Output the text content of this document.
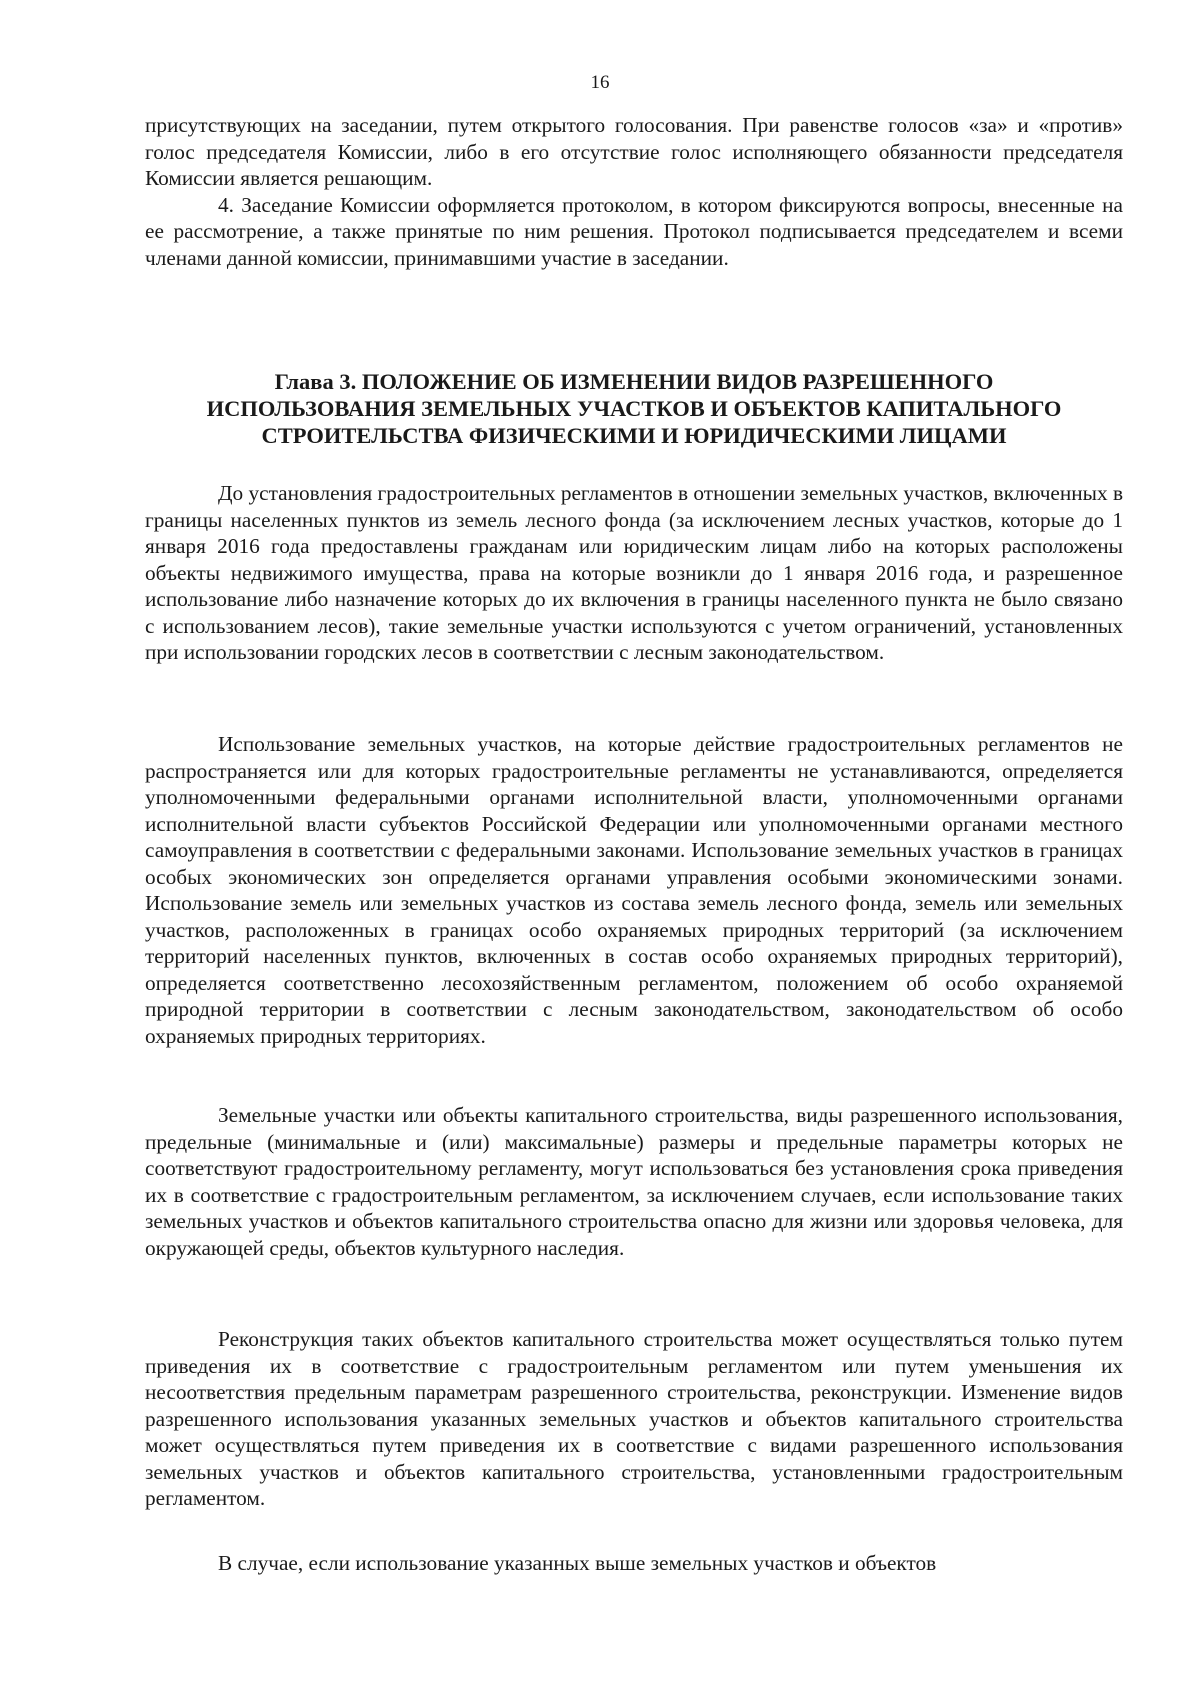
16

присутствующих на заседании, путем открытого голосования. При равенстве голосов «за» и «против» голос председателя Комиссии, либо в его отсутствие голос исполняющего обязанности председателя Комиссии является решающим.

4. Заседание Комиссии оформляется протоколом, в котором фиксируются вопросы, внесенные на ее рассмотрение, а также принятые по ним решения. Протокол подписывается председателем и всеми членами данной комиссии, принимавшими участие в заседании.

Глава 3. ПОЛОЖЕНИЕ ОБ ИЗМЕНЕНИИ ВИДОВ РАЗРЕШЕННОГО
ИСПОЛЬЗОВАНИЯ ЗЕМЕЛЬНЫХ УЧАСТКОВ И ОБЪЕКТОВ КАПИТАЛЬНОГО
СТРОИТЕЛЬСТВА ФИЗИЧЕСКИМИ И ЮРИДИЧЕСКИМИ ЛИЦАМИ

До установления градостроительных регламентов в отношении земельных участков, включенных в границы населенных пунктов из земель лесного фонда (за исключением лесных участков, которые до 1 января 2016 года предоставлены гражданам или юридическим лицам либо на которых расположены объекты недвижимого имущества, права на которые возникли до 1 января 2016 года, и разрешенное использование либо назначение которых до их включения в границы населенного пункта не было связано с использованием лесов), такие земельные участки используются с учетом ограничений, установленных при использовании городских лесов в соответствии с лесным законодательством.

Использование земельных участков, на которые действие градостроительных регламентов не распространяется или для которых градостроительные регламенты не устанавливаются, определяется уполномоченными федеральными органами исполнительной власти, уполномоченными органами исполнительной власти субъектов Российской Федерации или уполномоченными органами местного самоуправления в соответствии с федеральными законами. Использование земельных участков в границах особых экономических зон определяется органами управления особыми экономическими зонами. Использование земель или земельных участков из состава земель лесного фонда, земель или земельных участков, расположенных в границах особо охраняемых природных территорий (за исключением территорий населенных пунктов, включенных в состав особо охраняемых природных территорий), определяется соответственно лесохозяйственным регламентом, положением об особо охраняемой природной территории в соответствии с лесным законодательством, законодательством об особо охраняемых природных территориях.

Земельные участки или объекты капитального строительства, виды разрешенного использования, предельные (минимальные и (или) максимальные) размеры и предельные параметры которых не соответствуют градостроительному регламенту, могут использоваться без установления срока приведения их в соответствие с градостроительным регламентом, за исключением случаев, если использование таких земельных участков и объектов капитального строительства опасно для жизни или здоровья человека, для окружающей среды, объектов культурного наследия.

Реконструкция таких объектов капитального строительства может осуществляться только путем приведения их в соответствие с градостроительным регламентом или путем уменьшения их несоответствия предельным параметрам разрешенного строительства, реконструкции. Изменение видов разрешенного использования указанных земельных участков и объектов капитального строительства может осуществляться путем приведения их в соответствие с видами разрешенного использования земельных участков и объектов капитального строительства, установленными градостроительным регламентом.

В случае, если использование указанных выше земельных участков и объектов
